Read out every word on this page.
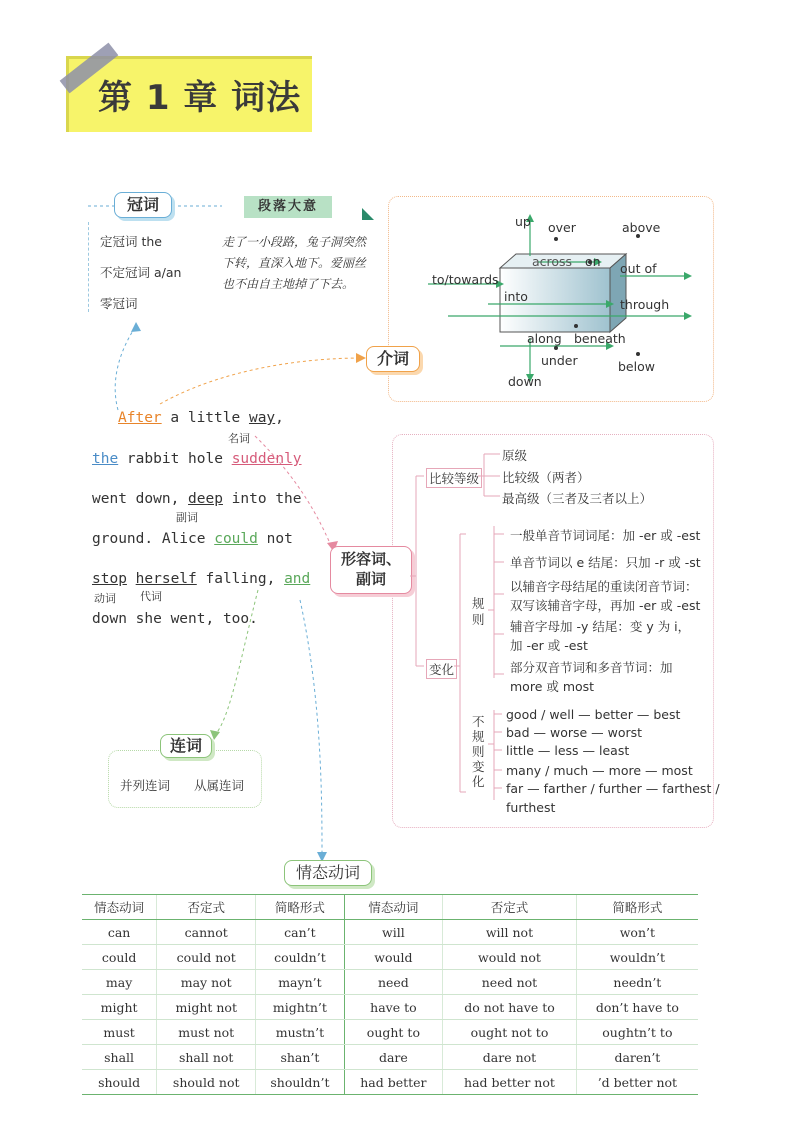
第 1 章 词法
冠词
定冠词 the
不定冠词 a/an
零冠词
段落大意
走了一小段路，兔子洞突然下转，直深入地下。爱丽丝也不由自主地掉了下去。
up over	above
across on
to/towards
out of
into
through
along beneath
under	below
down
介词
After a little way,
名词
the rabbit hole suddenly
went down, deep into the
副词
ground. Alice could not
stop herself falling, and
动词 代词
down she went, too.
形容词、
副词
比较等级
原级
比较级（两者）
最高级（三者及三者以上）
变化
规则
一般单音节词词尾：加 -er 或 -est
单音节词以 e 结尾：只加 -r 或 -st
以辅音字母结尾的重读闭音节词：
双写该辅音字母，再加 -er 或 -est
辅音字母加 -y 结尾：变 y 为 i，
加 -er 或 -est
部分双音节词和多音节词：加
more 或 most
不规则变化
good / well — better — best
bad — worse — worst
little — less — least
many / much — more — most
far — farther / further — farthest /
furthest
连词
并列连词 从属连词
情态动词
情态动词	否定式	简略形式	情态动词	否定式	简略形式
can	cannot	can’t	will	will not	won’t
could	could not	couldn’t	would	would not	wouldn’t
may	may not	mayn’t	need	need not	needn’t
might	might not	mightn’t	have to	do not have to	don’t have to
must	must not	mustn’t	ought to	ought not to	oughtn’t to
shall	shall not	shan’t	dare	dare not	daren’t
should	should not	shouldn’t	had better	had better not	’d better not
